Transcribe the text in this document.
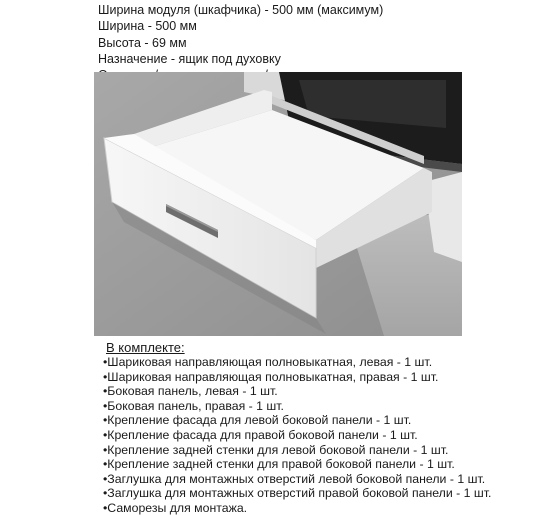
Ширина модуля (шкафчика) - 500 мм (максимум)
Ширина - 500 мм
Высота - 69 мм
Назначение - ящик под духовку
В комплекте:
•Шариковая направляющая полновыкатная, левая - 1 шт.
•Шариковая направляющая полновыкатная, правая - 1 шт.
•Боковая панель, левая - 1 шт.
•Боковая панель, правая - 1 шт.
•Крепление фасада для левой боковой панели - 1 шт.
•Крепление фасада для правой боковой панели - 1 шт.
•Крепление задней стенки для левой боковой панели - 1 шт.
•Крепление задней стенки для правой боковой панели - 1 шт.
•Заглушка для монтажных отверстий левой боковой панели - 1 шт.
•Заглушка для монтажных отверстий правой боковой панели - 1 шт.
•Саморезы для монтажа.
